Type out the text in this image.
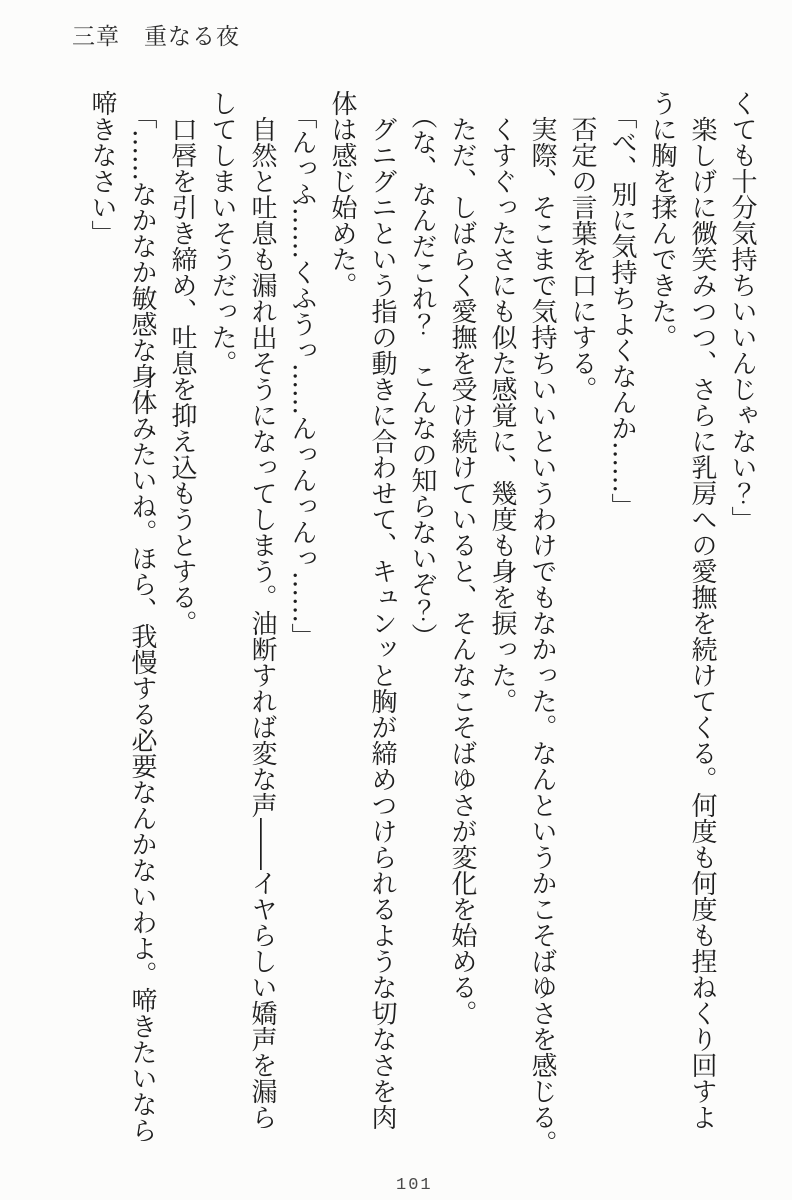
三章　重なる夜

くても十分気持ちいいんじゃない？」

楽しげに微笑みつつ、さらに乳房への愛撫を続けてくる。何度も何度も捏ねくり回すよ

うに胸を揉んできた。

「べ、別に気持ちよくなんか……」

否定の言葉を口にする。

実際、そこまで気持ちいいというわけでもなかった。なんというかこそばゆさを感じる。

くすぐったさにも似た感覚に、幾度も身を捩った。

ただ、しばらく愛撫を受け続けていると、そんなこそばゆさが変化を始める。

（な、なんだこれ？　こんなの知らないぞ？）

グニグニという指の動きに合わせて、キュンッと胸が締めつけられるような切なさを肉

体は感じ始めた。

「んっふ……くふうっ……んっんっんっ……」

自然と吐息も漏れ出そうになってしまう。油断すれば変な声――イヤらしい嬌声を漏ら

してしまいそうだった。

口唇を引き締め、吐息を抑え込もうとする。

「……なかなか敏感な身体みたいね。ほら、我慢する必要なんかないわよ。啼きたいなら

啼きなさい」

101
